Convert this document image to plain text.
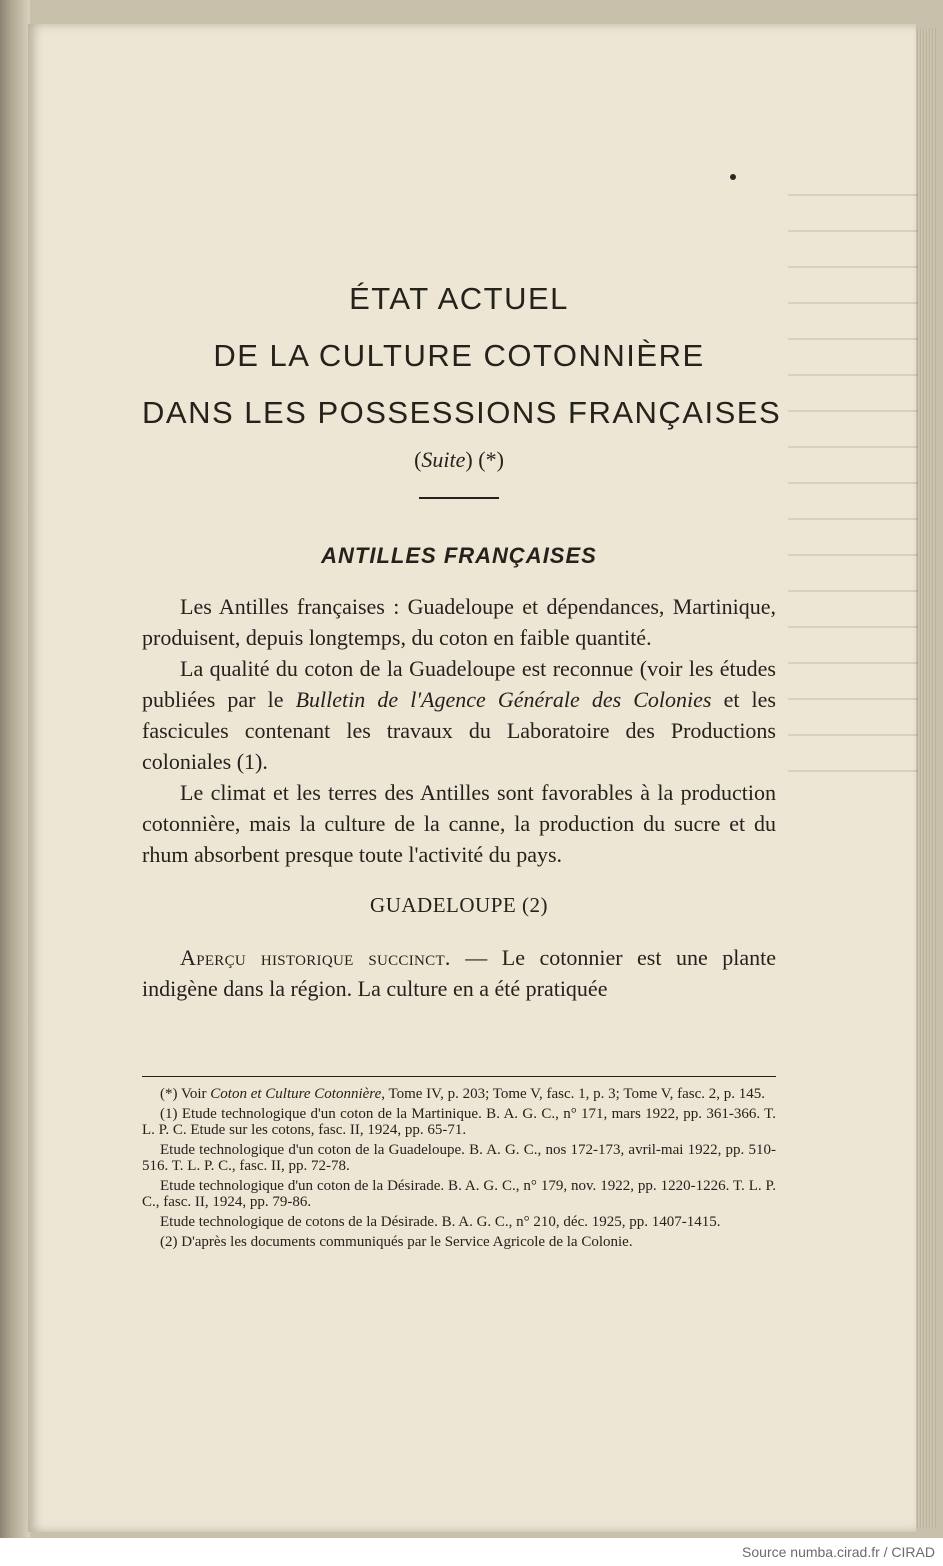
ÉTAT ACTUEL

DE LA CULTURE COTONNIÈRE

DANS LES POSSESSIONS FRANÇAISES

(Suite) (*)
ANTILLES FRANÇAISES

Les Antilles françaises : Guadeloupe et dépendances, Martinique, produisent, depuis longtemps, du coton en faible quantité.

La qualité du coton de la Guadeloupe est reconnue (voir les études publiées par le Bulletin de l'Agence Générale des Colonies et les fascicules contenant les travaux du Laboratoire des Productions coloniales (1).

Le climat et les terres des Antilles sont favorables à la production cotonnière, mais la culture de la canne, la production du sucre et du rhum absorbent presque toute l'activité du pays.

GUADELOUPE (2)

Aperçu historique succinct. — Le cotonnier est une plante indigène dans la région. La culture en a été pratiquée

(*) Voir Coton et Culture Cotonnière, Tome IV, p. 203; Tome V, fasc. 1, p. 3; Tome V, fasc. 2, p. 145.

(1) Etude technologique d'un coton de la Martinique. B. A. G. C., n° 171, mars 1922, pp. 361-366. T. L. P. C. Etude sur les cotons, fasc. II, 1924, pp. 65-71.

Etude technologique d'un coton de la Guadeloupe. B. A. G. C., nos 172-173, avril-mai 1922, pp. 510-516. T. L. P. C., fasc. II, pp. 72-78.

Etude technologique d'un coton de la Désirade. B. A. G. C., n° 179, nov. 1922, pp. 1220-1226. T. L. P. C., fasc. II, 1924, pp. 79-86.

Etude technologique de cotons de la Désirade. B. A. G. C., n° 210, déc. 1925, pp. 1407-1415.

(2) D'après les documents communiqués par le Service Agricole de la Colonie.

Source numba.cirad.fr / CIRAD
